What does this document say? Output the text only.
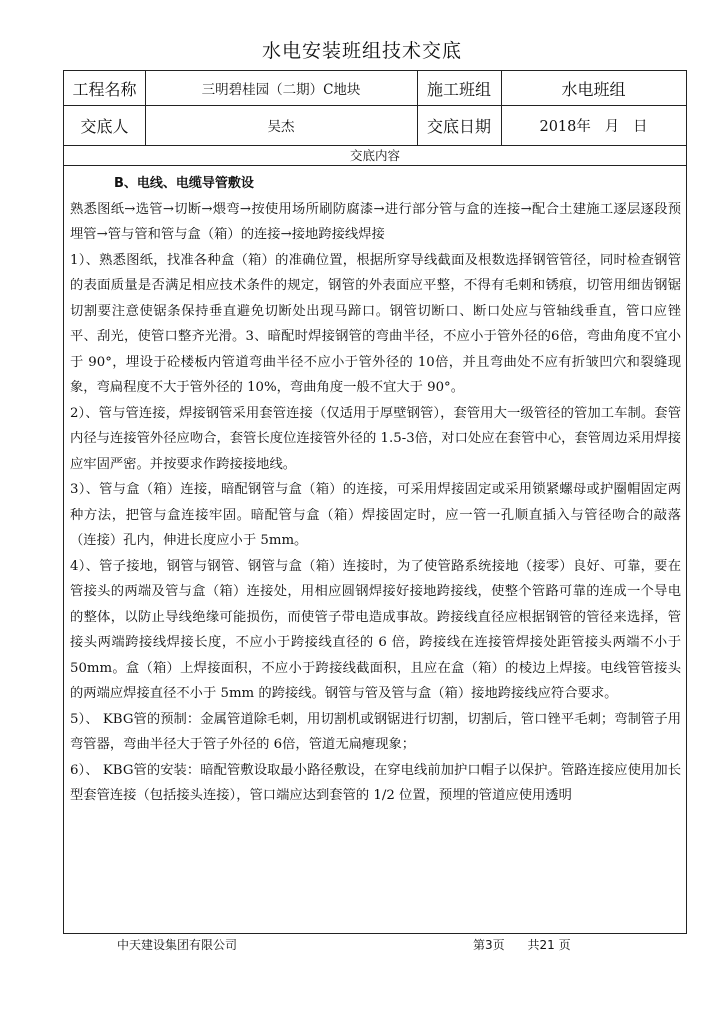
水电安装班组技术交底
工程名称	三明碧桂园（二期）C地块	施工班组	水电班组
交底人	吴杰	交底日期	2018年   月   日
交底内容

B、电线、电缆导管敷设

熟悉图纸→选管→切断→煨弯→按使用场所刷防腐漆→进行部分管与盒的连接→配合土建施工逐层逐段预埋管→管与管和管与盒（箱）的连接→接地跨接线焊接

1）、熟悉图纸，找准各种盒（箱）的准确位置，根据所穿导线截面及根数选择钢管管径，同时检查钢管的表面质量是否满足相应技术条件的规定，钢管的外表面应平整，不得有毛刺和锈痕，切管用细齿钢锯切割要注意使锯条保持垂直避免切断处出现马蹄口。钢管切断口、断口处应与管轴线垂直，管口应锉平、刮光，使管口整齐光滑。3、暗配时焊接钢管的弯曲半径，不应小于管外径的6倍，弯曲角度不宜小于 90°，埋设于砼楼板内管道弯曲半径不应小于管外径的 10倍，并且弯曲处不应有折皱凹穴和裂缝现象，弯扁程度不大于管外径的 10%，弯曲角度一般不宜大于 90°。

2）、管与管连接，焊接钢管采用套管连接（仅适用于厚壁钢管），套管用大一级管径的管加工车制。套管内径与连接管外径应吻合，套管长度位连接管外径的 1.5-3倍，对口处应在套管中心，套管周边采用焊接应牢固严密。并按要求作跨接接地线。

3）、管与盒（箱）连接，暗配钢管与盒（箱）的连接，可采用焊接固定或采用锁紧螺母或护圈帽固定两种方法，把管与盒连接牢固。暗配管与盒（箱）焊接固定时，应一管一孔顺直插入与管径吻合的敲落（连接）孔内，伸进长度应小于 5mm。

4）、管子接地，钢管与钢管、钢管与盒（箱）连接时，为了使管路系统接地（接零）良好、可靠，要在管接头的两端及管与盒（箱）连接处，用相应圆钢焊接好接地跨接线，使整个管路可靠的连成一个导电的整体，以防止导线绝缘可能损伤，而使管子带电造成事故。跨接线直径应根据钢管的管径来选择，管接头两端跨接线焊接长度，不应小于跨接线直径的 6 倍，跨接线在连接管焊接处距管接头两端不小于 50mm。盒（箱）上焊接面积，不应小于跨接线截面积，且应在盒（箱）的棱边上焊接。电线管管接头的两端应焊接直径不小于 5mm 的跨接线。钢管与管及管与盒（箱）接地跨接线应符合要求。

5）、 KBG管的预制：金属管道除毛刺，用切割机或钢锯进行切割，切割后，管口锉平毛刺；弯制管子用弯管器，弯曲半径大于管子外径的 6倍，管道无扁瘪现象；

6）、 KBG管的安装：暗配管敷设取最小路径敷设，在穿电线前加护口帽子以保护。管路连接应使用加长型套管连接（包括接头连接），管口端应达到套管的 1/2 位置，预埋的管道应使用透明

中天建设集团有限公司	第3页      共21 页
